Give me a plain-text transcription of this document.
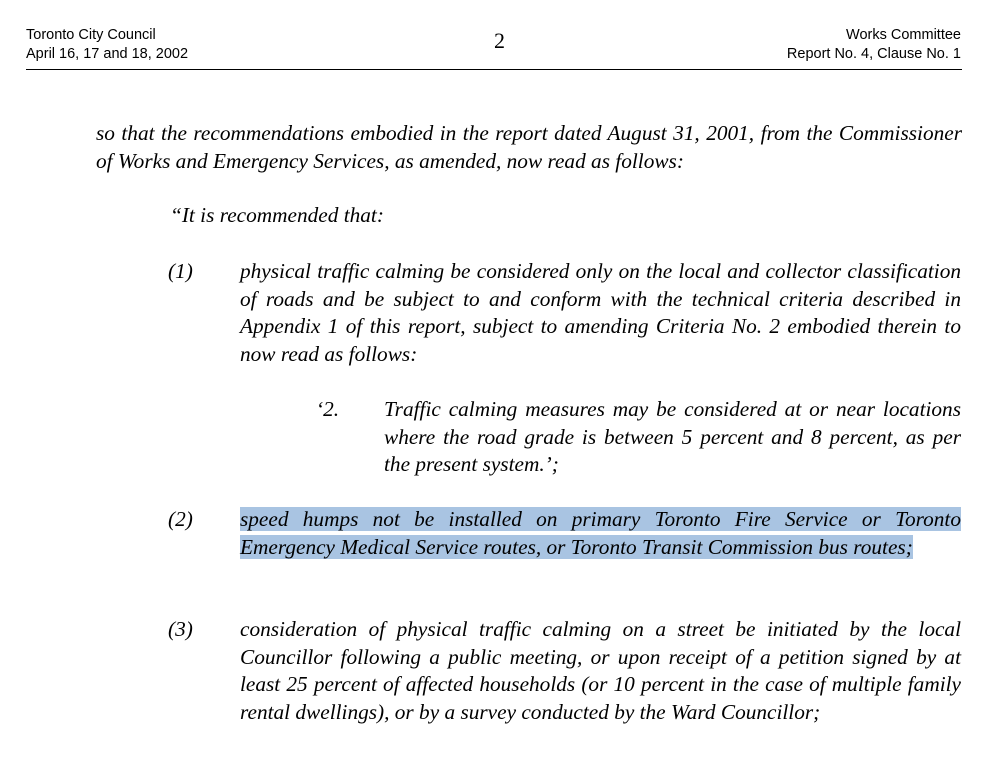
Toronto City Council
April 16, 17 and 18, 2002
2	Works Committee
Report No. 4, Clause No. 1
so that the recommendations embodied in the report dated August 31, 2001, from the Commissioner of Works and Emergency Services, as amended, now read as follows:
“It is recommended that:
(1)	physical traffic calming be considered only on the local and collector classification of roads and be subject to and conform with the technical criteria described in Appendix 1 of this report, subject to amending Criteria No. 2 embodied therein to now read as follows:
‘2.	Traffic calming measures may be considered at or near locations where the road grade is between 5 percent and 8 percent, as per the present system.’;
(2)	speed humps not be installed on primary Toronto Fire Service or Toronto Emergency Medical Service routes, or Toronto Transit Commission bus routes;
(3)	consideration of physical traffic calming on a street be initiated by the local Councillor following a public meeting, or upon receipt of a petition signed by at least 25 percent of affected households (or 10 percent in the case of multiple family rental dwellings), or by a survey conducted by the Ward Councillor;
